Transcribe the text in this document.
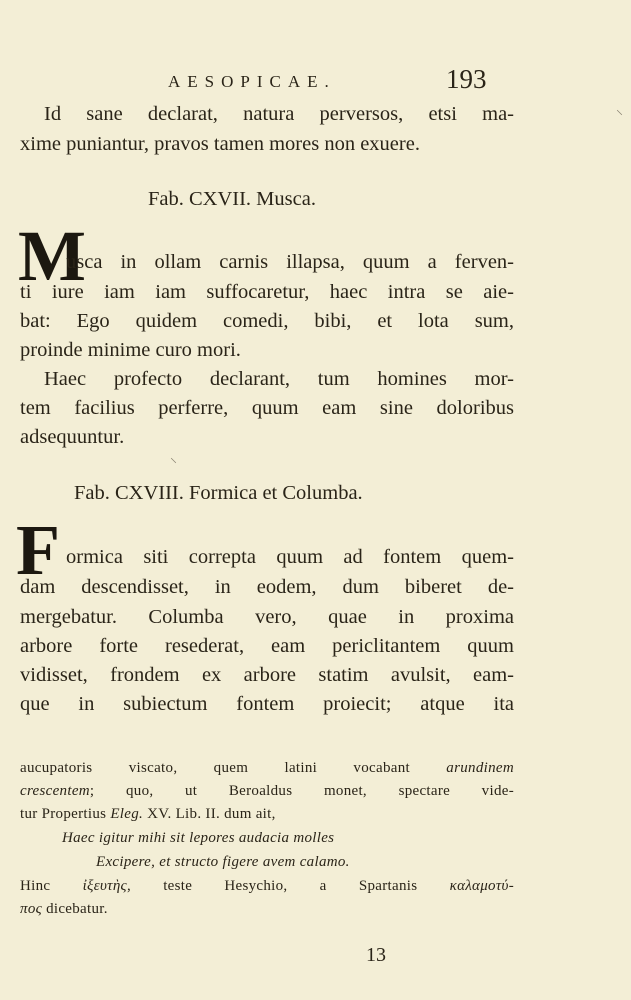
AESOPICAE.	193
Id sane declarat, natura perversos, etsi ma-
xime puniantur, pravos tamen mores non exuere.
Fab. CXVII. Musca.
M
usca in ollam carnis illapsa, quum a ferven-
ti iure iam iam suffocaretur, haec intra se aie-
bat: Ego quidem comedi, bibi, et lota sum,
proinde minime curo mori.
Haec profecto declarant, tum homines mor-
tem facilius perferre, quum eam sine doloribus
adsequuntur.
Fab. CXVIII. Formica et Columba.
F ormica siti correpta quum ad fontem quem-
dam descendisset, in eodem, dum biberet de-
mergebatur. Columba vero, quae in proxima
arbore forte resederat, eam periclitantem quum
vidisset, frondem ex arbore statim avulsit, eam-
que in subiectum fontem proiecit; atque ita
aucupatoris viscato, quem latini vocabant arundinem
crescentem; quo, ut Beroaldus monet, spectare vide-
tur Propertius Eleg. XV. Lib. II. dum ait,
Haec igitur mihi sit lepores audacia molles
Excipere, et structo figere avem calamo.
Hinc ἰξευτὴς, teste Hesychio, a Spartanis καλαμοτύ-
πος dicebatur.
13
⸜
⸜
